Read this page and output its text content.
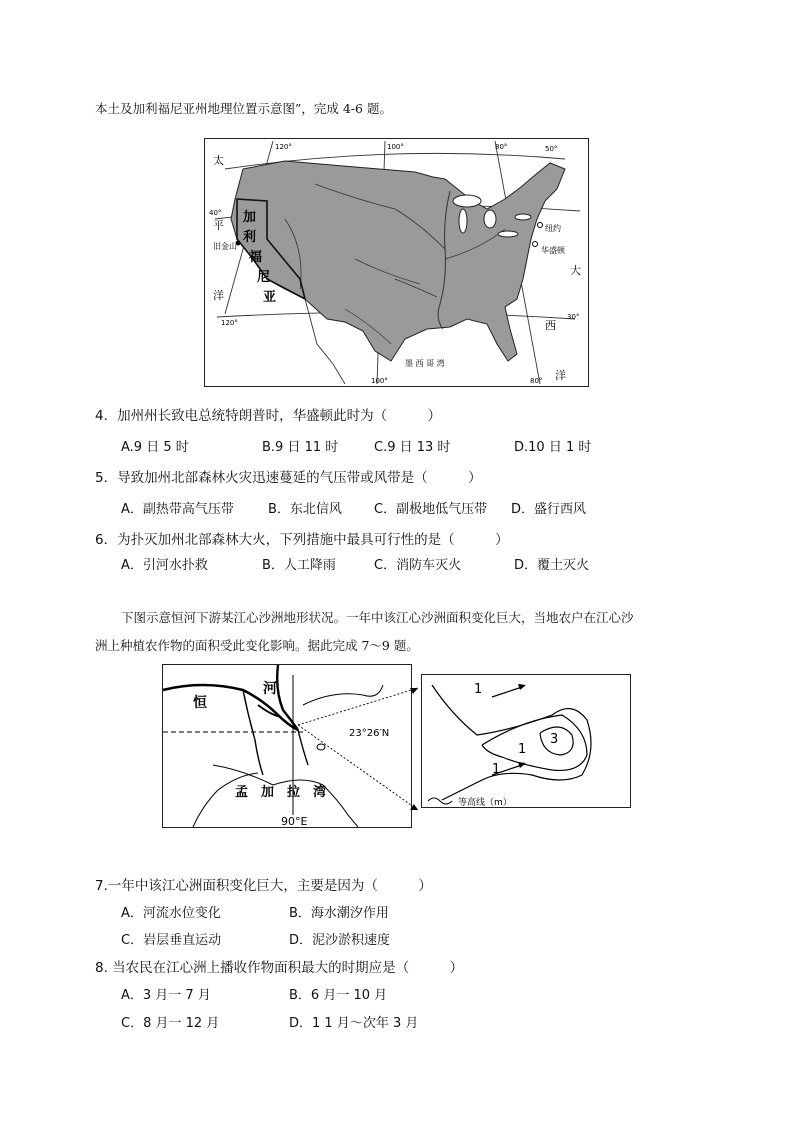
本土及加利福尼亚州地理位置示意图”，完成 4-6 题。
旧金山	华盛顿
纽约
墨 西 哥 湾
加
利
福
尼
亚
太
平
洋
大
西
洋
120°
120°
100°
100°
80°
80°
50°
40°
30°
4．加州州长致电总统特朗普时，华盛顿此时为（　　　）
A.9 日 5 时	B.9 日 11 时	C.9 日 13 时	D.10 日 1 时
5．导致加州北部森林火灾迅速蔓延的气压带或风带是（　　　）
A．副热带高气压带	B．东北信风 C．副极地低气压带 D．盛行西风
6．为扑灭加州北部森林大火，下列措施中最具可行性的是（　　　）
A．引河水扑救	B．人工降雨	C．消防车灭火	D．覆土灭火
下图示意恒河下游某江心沙洲地形状况。一年中该江心沙洲面积变化巨大，当地农户在江心沙
洲上种植农作物的面积受此变化影响。据此完成 7～9 题。
恒
河
23°26′N
孟　加　拉　湾
90°E
1
1
1
3
等高线（m）
7.一年中该江心洲面积变化巨大，主要是因为（　　　）
A．河流水位变化	B．海水潮汐作用
C．岩层垂直运动	D．泥沙淤积速度
8. 当农民在江心洲上播收作物面积最大的时期应是（　　　）
A．3 月一 7 月	B．6 月一 10 月
C．8 月一 12 月	D．1 1 月～次年 3 月
